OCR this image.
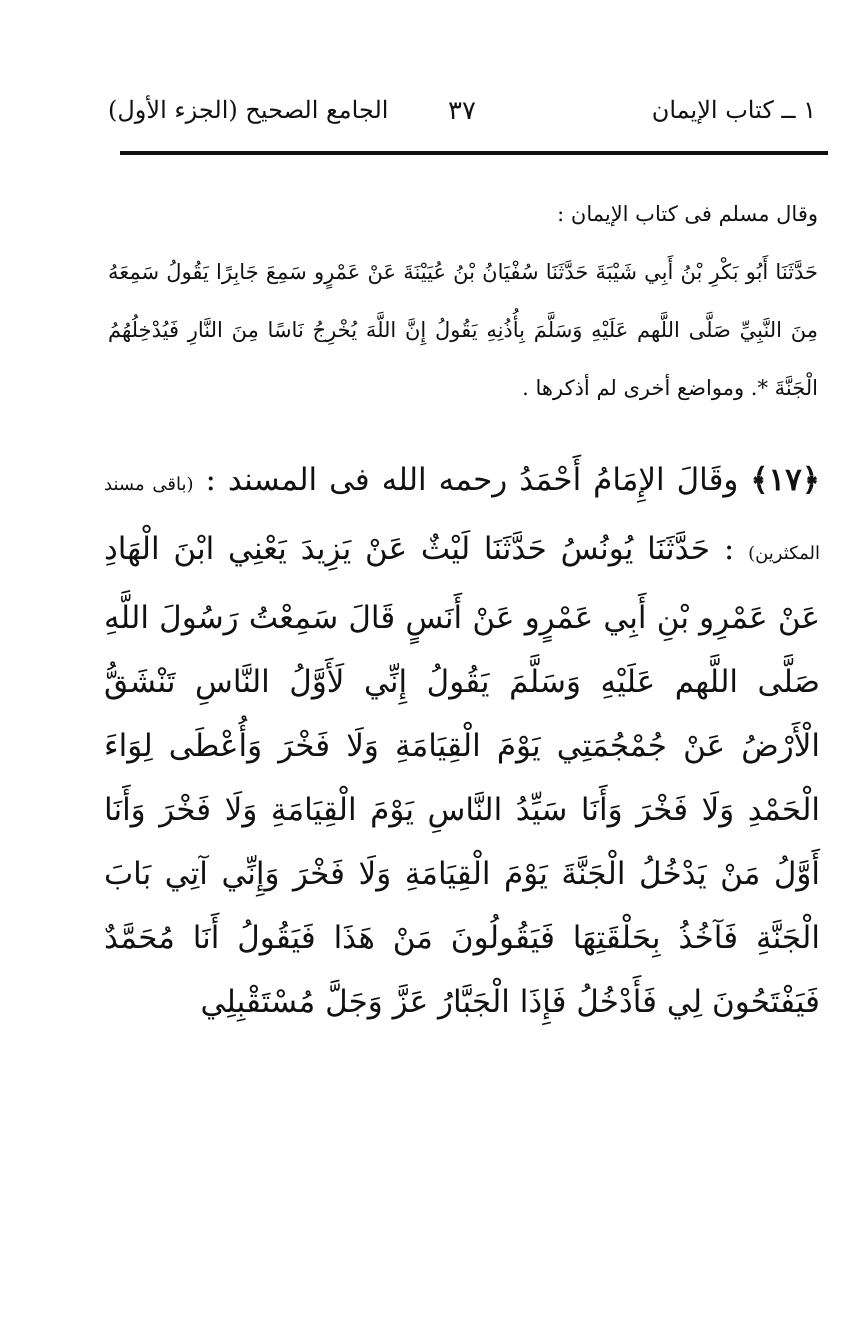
١ ــ كتاب الإيمان
٣٧
الجامع الصحيح (الجزء الأول)

وقال مسلم فى كتاب الإيمان :

حَدَّثَنَا أَبُو بَكْرِ بْنُ أَبِي شَيْبَةَ حَدَّثَنَا سُفْيَانُ بْنُ عُيَيْنَةَ عَنْ عَمْرٍو سَمِعَ جَابِرًا يَقُولُ سَمِعَهُ مِنَ النَّبِيِّ صَلَّى اللَّهم عَلَيْهِ وَسَلَّمَ بِأُذُنِهِ يَقُولُ إِنَّ اللَّهَ يُخْرِجُ نَاسًا مِنَ النَّارِ فَيُدْخِلُهُمُ الْجَنَّةَ *. ومواضع أخرى لم أذكرها .

﴿١٧﴾ وقَالَ الإِمَامُ أَحْمَدُ رحمه الله فى المسند : (باقى مسند المكثرين) : حَدَّثَنَا يُونُسُ حَدَّثَنَا لَيْثٌ عَنْ يَزِيدَ يَعْنِي ابْنَ الْهَادِ عَنْ عَمْرِو بْنِ أَبِي عَمْرٍو عَنْ أَنَسٍ قَالَ سَمِعْتُ رَسُولَ اللَّهِ صَلَّى اللَّهم عَلَيْهِ وَسَلَّمَ يَقُولُ إِنِّي لَأَوَّلُ النَّاسِ تَنْشَقُّ الْأَرْضُ عَنْ جُمْجُمَتِي يَوْمَ الْقِيَامَةِ وَلَا فَخْرَ وَأُعْطَى لِوَاءَ الْحَمْدِ وَلَا فَخْرَ وَأَنَا سَيِّدُ النَّاسِ يَوْمَ الْقِيَامَةِ وَلَا فَخْرَ وَأَنَا أَوَّلُ مَنْ يَدْخُلُ الْجَنَّةَ يَوْمَ الْقِيَامَةِ وَلَا فَخْرَ وَإِنِّي آتِي بَابَ الْجَنَّةِ فَآخُذُ بِحَلْقَتِهَا فَيَقُولُونَ مَنْ هَذَا فَيَقُولُ أَنَا مُحَمَّدٌ فَيَفْتَحُونَ لِي فَأَدْخُلُ فَإِذَا الْجَبَّارُ عَزَّ وَجَلَّ مُسْتَقْبِلِي
